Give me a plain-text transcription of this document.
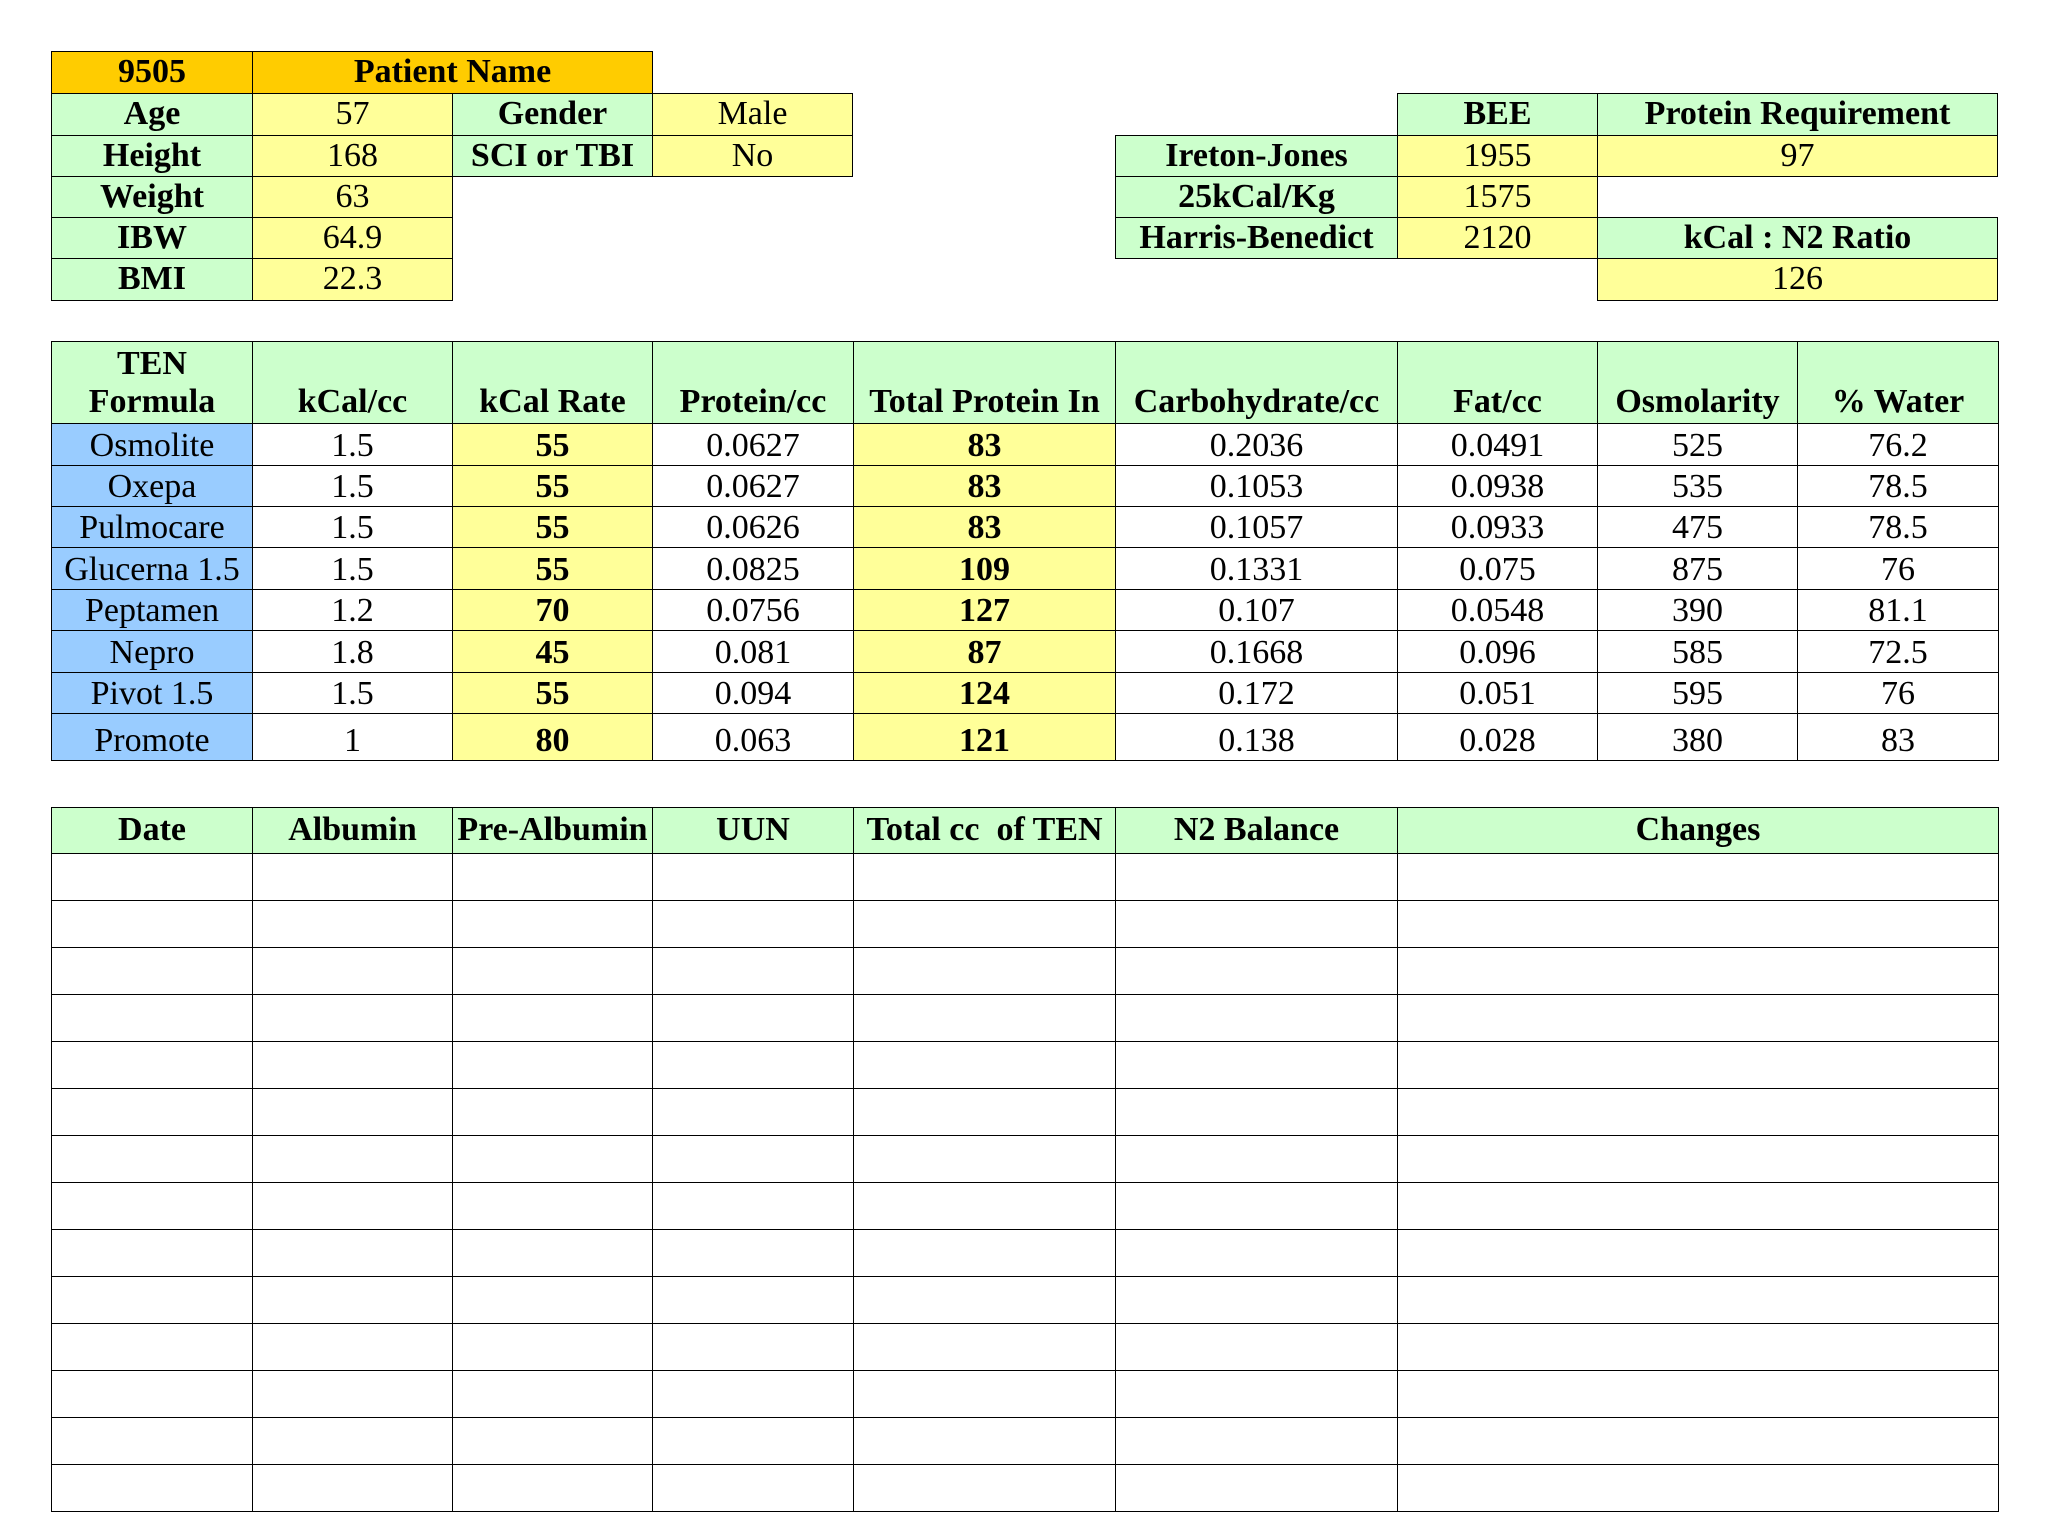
9505	Patient Name
Age	57	Gender	Male
Height	168	SCI or TBI	No
Weight	63
IBW	64.9
BMI	22.3
BEE	Protein Requirement
Ireton-Jones	1955	97
25kCal/Kg	1575
Harris-Benedict	2120	kCal : N2 Ratio
126
TEN Formula	kCal/cc	kCal Rate	Protein/cc	Total Protein In	Carbohydrate/cc	Fat/cc	Osmolarity	% Water
Osmolite	1.5	55	0.0627	83	0.2036	0.0491	525	76.2
Oxepa	1.5	55	0.0627	83	0.1053	0.0938	535	78.5
Pulmocare	1.5	55	0.0626	83	0.1057	0.0933	475	78.5
Glucerna 1.5	1.5	55	0.0825	109	0.1331	0.075	875	76
Peptamen	1.2	70	0.0756	127	0.107	0.0548	390	81.1
Nepro	1.8	45	0.081	87	0.1668	0.096	585	72.5
Pivot 1.5	1.5	55	0.094	124	0.172	0.051	595	76
Promote	1	80	0.063	121	0.138	0.028	380	83
Date	Albumin	Pre-Albumin	UUN	Total cc  of TEN	N2 Balance	Changes
